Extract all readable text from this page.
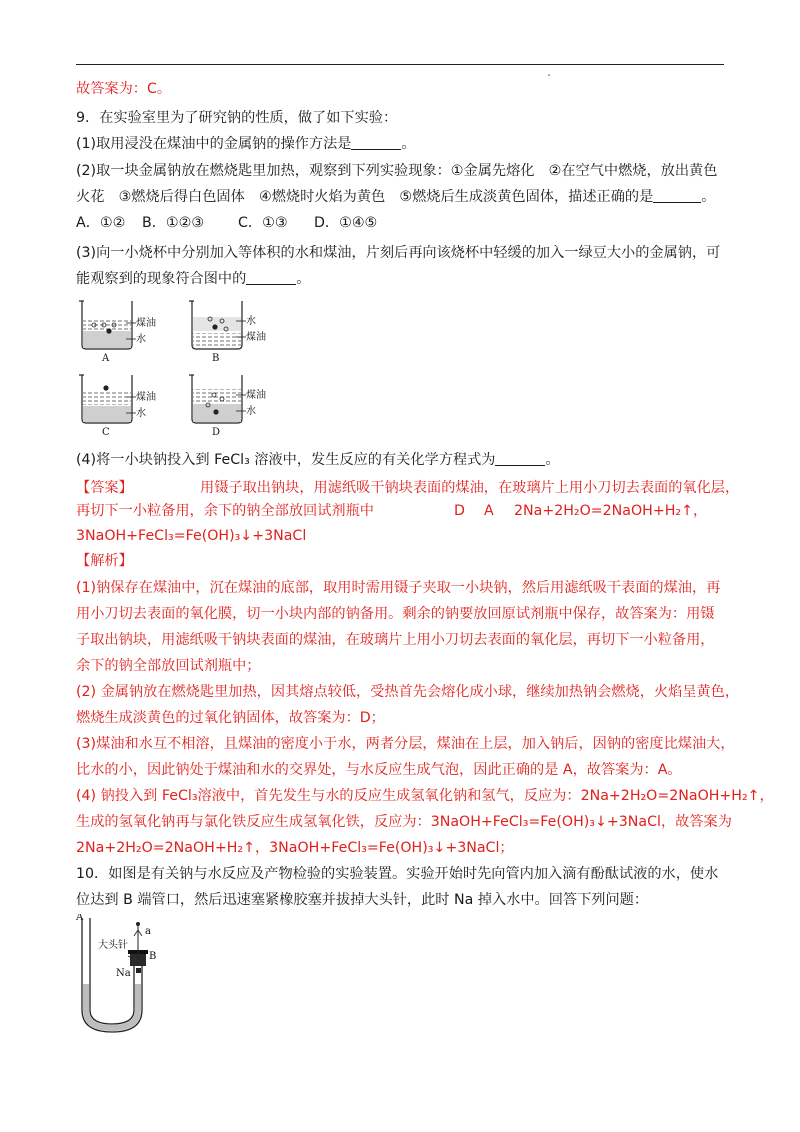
故答案为：C。
9．在实验室里为了研究钠的性质，做了如下实验：
(1)取用浸没在煤油中的金属钠的操作方法是	。
(2)取一块金属钠放在燃烧匙里加热，观察到下列实验现象：①金属先熔化　②在空气中燃烧，放出黄色
火花　③燃烧后得白色固体　④燃烧时火焰为黄色　⑤燃烧后生成淡黄色固体，描述正确的是	。
A．①② B．①②③ C．①③ D．①④⑤
(3)向一小烧杯中分别加入等体积的水和煤油，片刻后再向该烧杯中轻缓的加入一绿豆大小的金属钠，可
能观察到的现象符合图中的	。
煤油
水
A
水
煤油
B
煤油
水
C
煤油
水
D
(4)将一小块钠投入到 FeCl₃ 溶液中，发生反应的有关化学方程式为	。
【答案】	用镊子取出钠块，用滤纸吸干钠块表面的煤油，在玻璃片上用小刀切去表面的氧化层，
再切下一小粒备用，余下的钠全部放回试剂瓶中	D A 2Na+2H₂O=2NaOH+H₂↑，
3NaOH+FeCl₃=Fe(OH)₃↓+3NaCl
【解析】
(1)钠保存在煤油中，沉在煤油的底部，取用时需用镊子夹取一小块钠，然后用滤纸吸干表面的煤油，再
用小刀切去表面的氧化膜，切一小块内部的钠备用。剩余的钠要放回原试剂瓶中保存，故答案为：用镊
子取出钠块，用滤纸吸干钠块表面的煤油，在玻璃片上用小刀切去表面的氧化层，再切下一小粒备用，
余下的钠全部放回试剂瓶中；
(2) 金属钠放在燃烧匙里加热，因其熔点较低，受热首先会熔化成小球，继续加热钠会燃烧，火焰呈黄色，
燃烧生成淡黄色的过氧化钠固体，故答案为：D；
(3)煤油和水互不相溶，且煤油的密度小于水，两者分层，煤油在上层，加入钠后，因钠的密度比煤油大，
比水的小，因此钠处于煤油和水的交界处，与水反应生成气泡，因此正确的是 A，故答案为：A。
(4) 钠投入到 FeCl₃溶液中，首先发生与水的反应生成氢氧化钠和氢气，反应为：2Na+2H₂O=2NaOH+H₂↑，
生成的氢氧化钠再与氯化铁反应生成氢氧化铁，反应为：3NaOH+FeCl₃=Fe(OH)₃↓+3NaCl，故答案为
2Na+2H₂O=2NaOH+H₂↑，3NaOH+FeCl₃=Fe(OH)₃↓+3NaCl；
10．如图是有关钠与水反应及产物检验的实验装置。实验开始时先向管内加入滴有酚酞试液的水，使水
位达到 B 端管口，然后迅速塞紧橡胶塞并拔掉大头针，此时 Na 掉入水中。回答下列问题：
A
大头针
a
B
Na
